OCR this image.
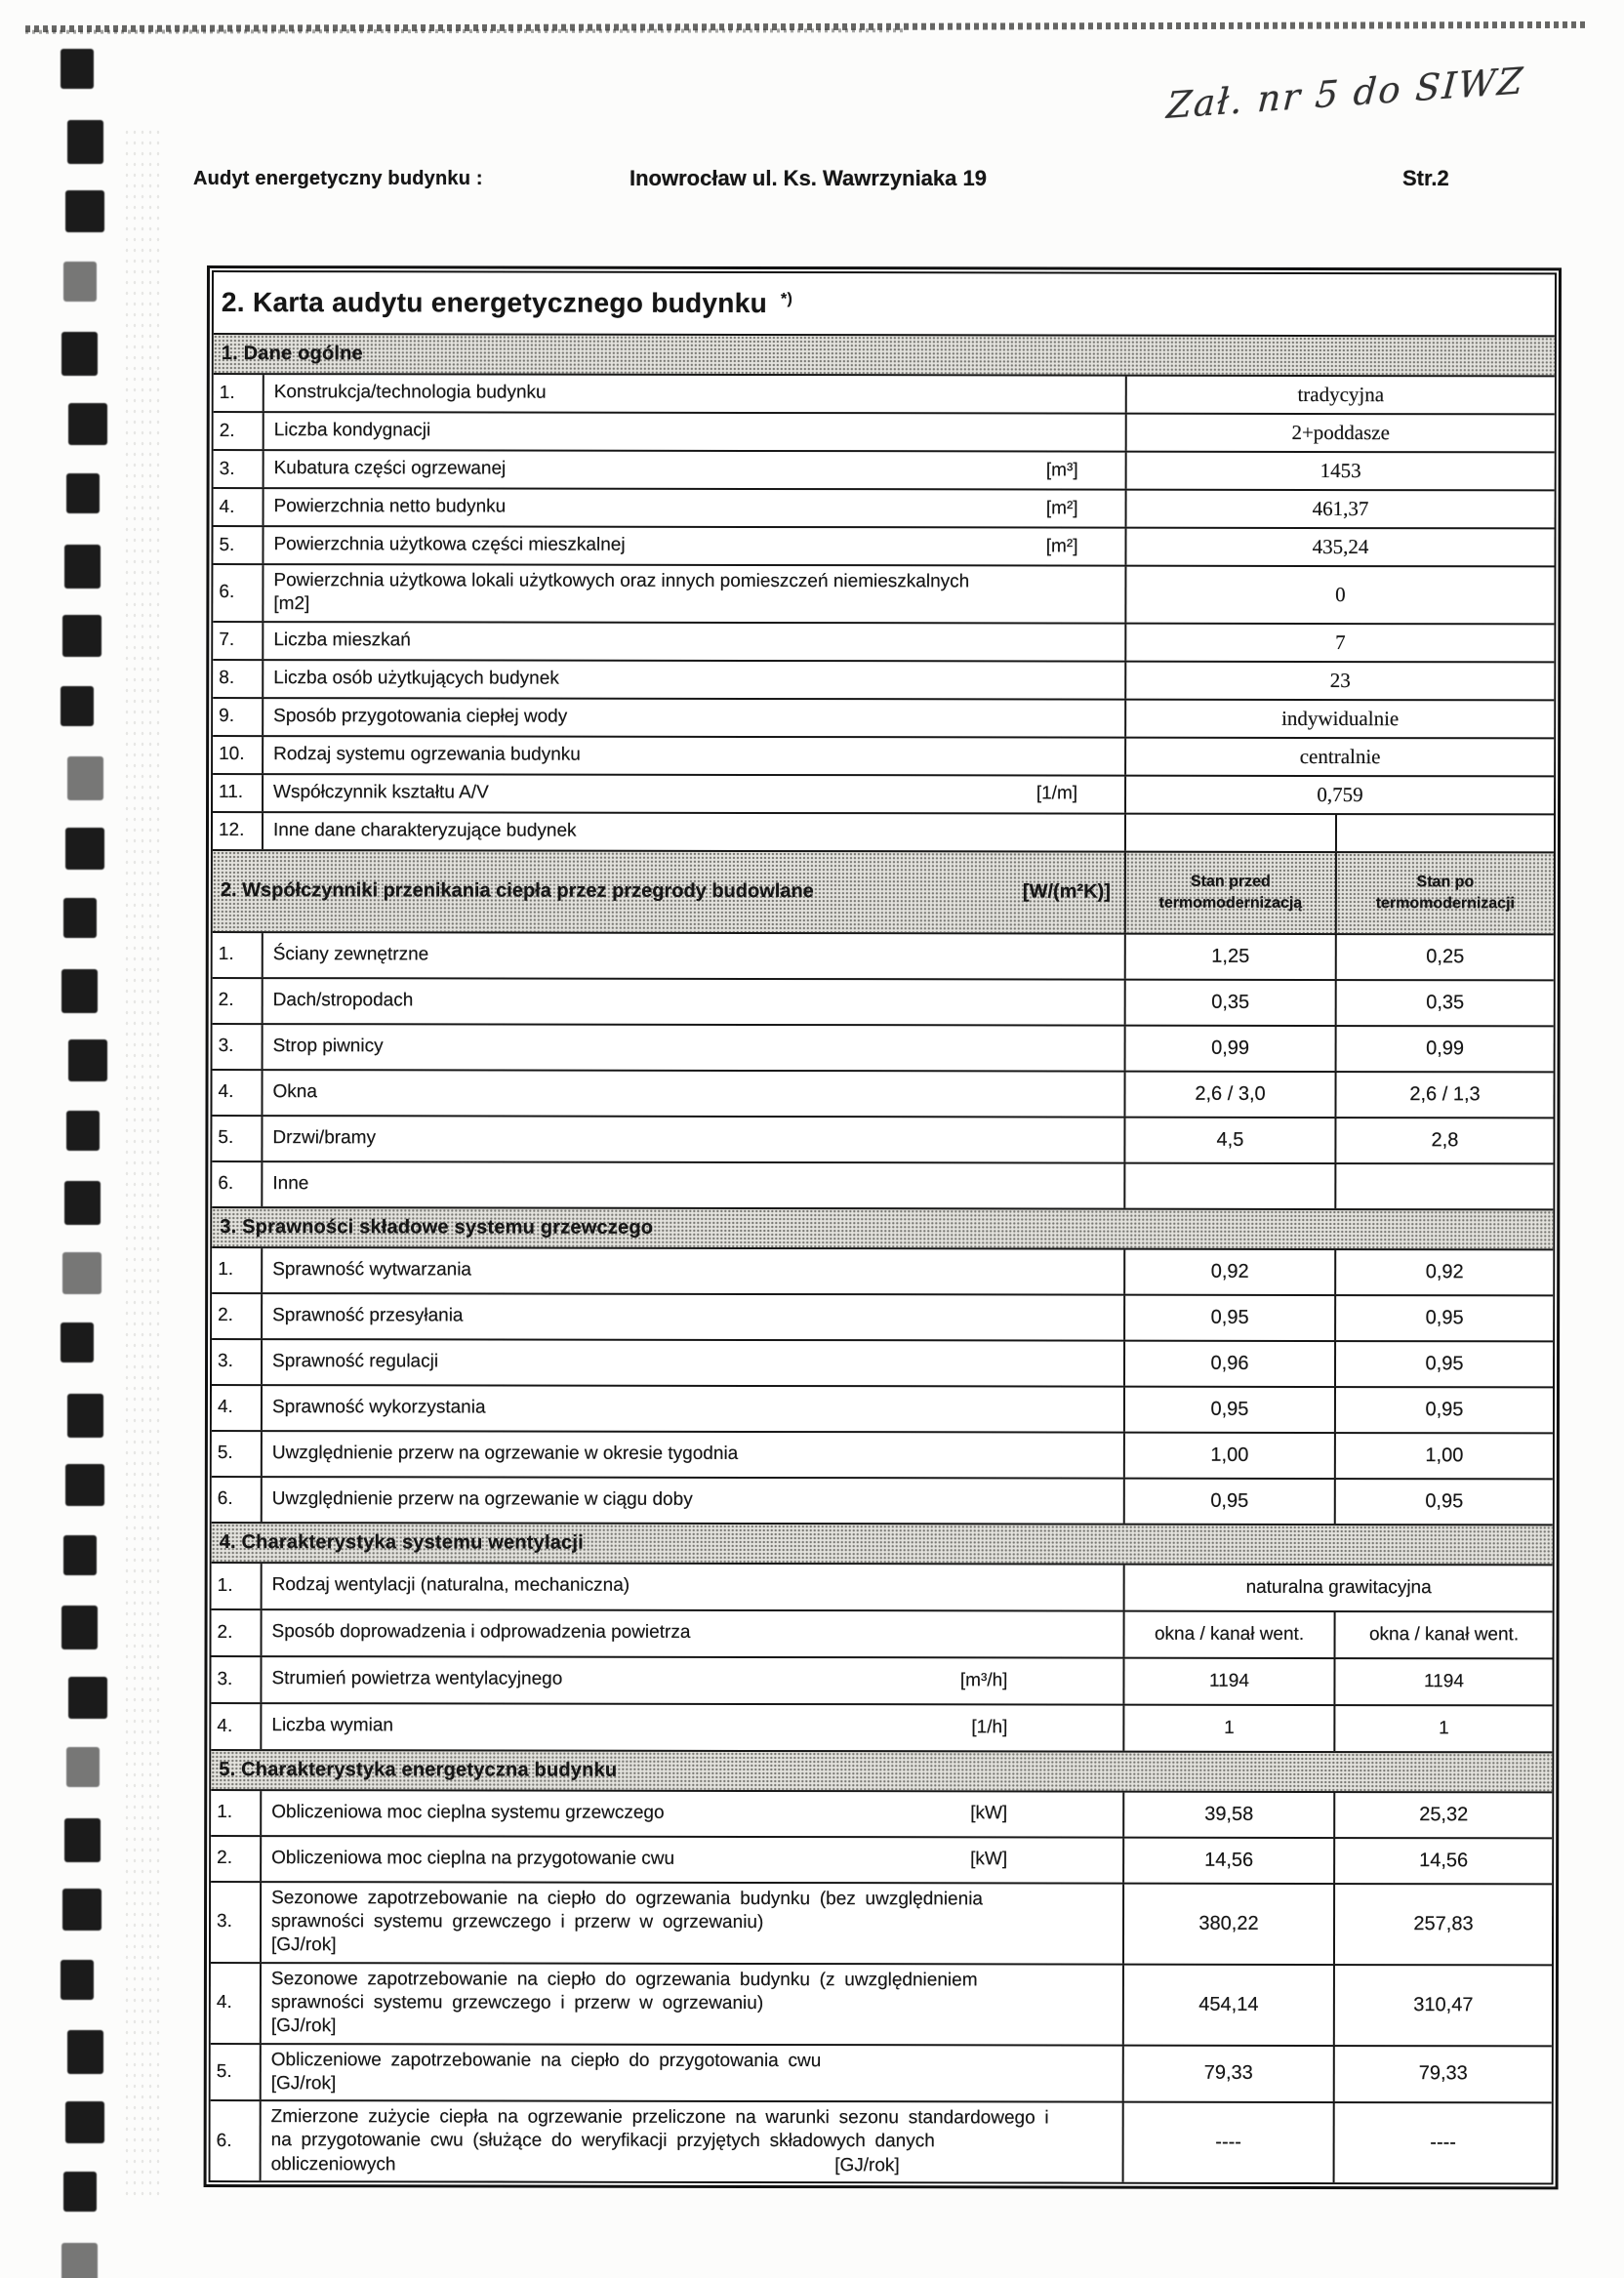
Zał. nr 5 do SIWZ
Audyt energetyczny budynku :	Inowrocław ul. Ks. Wawrzyniaka 19	Str.2
2. Karta audytu energetycznego budynku *)
1. Dane ogólne
1.	Konstrukcja/technologia budynku	tradycyjna
2.	Liczba kondygnacji	2+poddasze
3.	Kubatura części ogrzewanej	[m³]	1453
4.	Powierzchnia netto budynku	[m²]	461,37
5.	Powierzchnia użytkowa części mieszkalnej	[m²]	435,24
6.
Powierzchnia użytkowa lokali użytkowych oraz innych pomieszczeń niemieszkalnych
[m2]	0
7.	Liczba mieszkań	7
8.	Liczba osób użytkujących budynek	23
9.	Sposób przygotowania ciepłej wody	indywidualnie
10.	Rodzaj systemu ogrzewania budynku	centralnie
11.	Współczynnik kształtu A/V	[1/m]	0,759
12.	Inne dane charakteryzujące budynek
2. Współczynniki przenikania ciepła przez przegrody budowlane	[W/(m²K)]	Stan przed
termomodernizacją
Stan po
termomodernizacji
1.	Ściany zewnętrzne	1,25	0,25
2.	Dach/stropodach	0,35	0,35
3.	Strop piwnicy	0,99	0,99
4.	Okna	2,6 / 3,0	2,6 / 1,3
5.	Drzwi/bramy	4,5	2,8
6.	Inne
3. Sprawności składowe systemu grzewczego
1.	Sprawność wytwarzania	0,92	0,92
2.	Sprawność przesyłania	0,95	0,95
3.	Sprawność regulacji	0,96	0,95
4.	Sprawność wykorzystania	0,95	0,95
5.	Uwzględnienie przerw na ogrzewanie w okresie tygodnia	1,00	1,00
6.	Uwzględnienie przerw na ogrzewanie w ciągu doby	0,95	0,95
4. Charakterystyka systemu wentylacji
1.	Rodzaj wentylacji (naturalna, mechaniczna)	naturalna grawitacyjna
2.	Sposób doprowadzenia i odprowadzenia powietrza	okna / kanał went.	okna / kanał went.
3.	Strumień powietrza wentylacyjnego	[m³/h]	1194	1194
4.	Liczba wymian	[1/h]	1	1
5. Charakterystyka energetyczna budynku
1.	Obliczeniowa moc cieplna systemu grzewczego	[kW]	39,58	25,32
2.	Obliczeniowa moc cieplna na przygotowanie cwu	[kW]	14,56	14,56
3.
Sezonowe zapotrzebowanie na ciepło do ogrzewania budynku (bez uwzględnienia
sprawności systemu grzewczego i przerw w ogrzewaniu)
[GJ/rok]
380,22	257,83
4.
Sezonowe zapotrzebowanie na ciepło do ogrzewania budynku (z uwzględnieniem
sprawności systemu grzewczego i przerw w ogrzewaniu)
[GJ/rok]
454,14	310,47
5.
Obliczeniowe zapotrzebowanie na ciepło do przygotowania cwu
[GJ/rok]	79,33	79,33
6.
Zmierzone zużycie ciepła na ogrzewanie przeliczone na warunki sezonu standardowego i
na przygotowanie cwu (służące do weryfikacji przyjętych składowych danych
obliczeniowych                                              [GJ/rok]
----	----
